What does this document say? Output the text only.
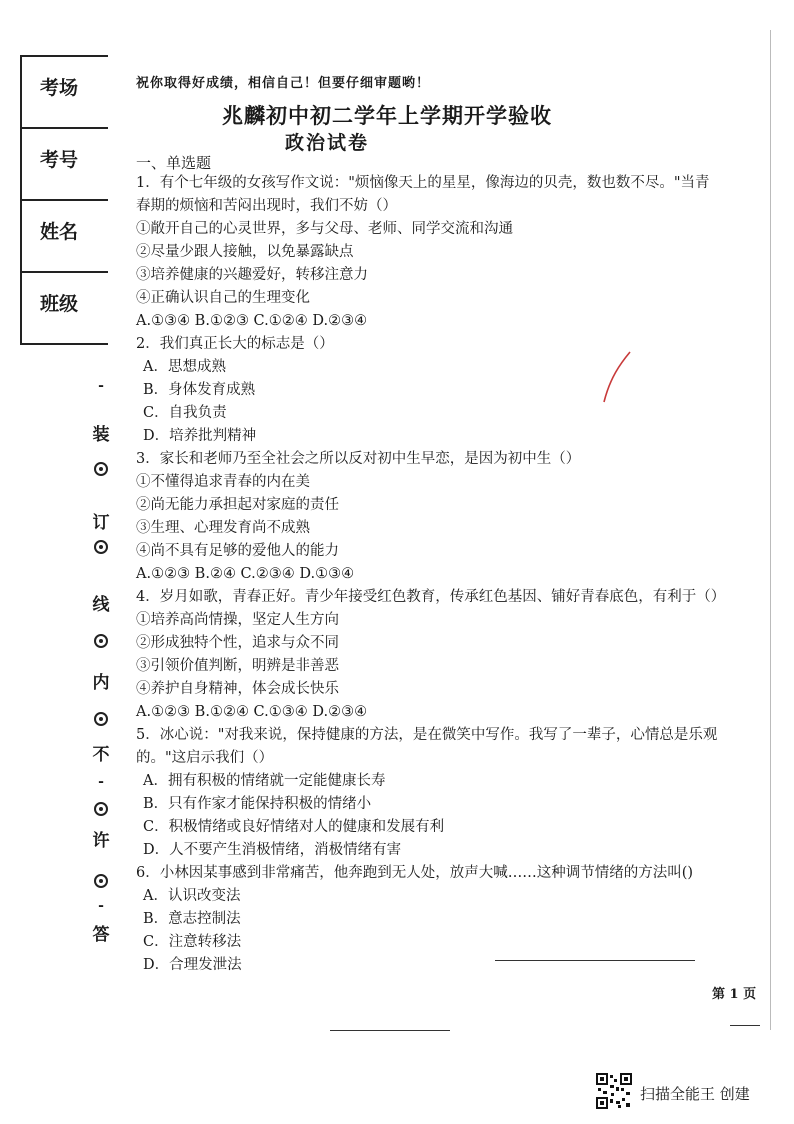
考场
考号
姓名
班级
-
装
订
线
内
不
-
许
-
答
祝你取得好成绩，相信自己！但要仔细审题哟！
兆麟初中初二学年上学期开学验收
政治试卷
一、单选题
1．有个七年级的女孩写作文说："烦恼像天上的星星，像海边的贝壳，数也数不尽。"当青
春期的烦恼和苦闷出现时，我们不妨（）
①敞开自己的心灵世界，多与父母、老师、同学交流和沟通
②尽量少跟人接触，以免暴露缺点
③培养健康的兴趣爱好，转移注意力
④正确认识自己的生理变化
A.①③④ B.①②③ C.①②④ D.②③④
2．我们真正长大的标志是（）
A．思想成熟
B．身体发育成熟
C．自我负责
D．培养批判精神
3．家长和老师乃至全社会之所以反对初中生早恋，是因为初中生（）
①不懂得追求青春的内在美
②尚无能力承担起对家庭的责任
③生理、心理发育尚不成熟
④尚不具有足够的爱他人的能力
A.①②③ B.②④ C.②③④ D.①③④
4．岁月如歌，青春正好。青少年接受红色教育，传承红色基因、铺好青春底色，有利于（）
①培养高尚情操，坚定人生方向
②形成独特个性，追求与众不同
③引领价值判断，明辨是非善恶
④养护自身精神，体会成长快乐
A.①②③ B.①②④ C.①③④ D.②③④
5．冰心说："对我来说，保持健康的方法，是在微笑中写作。我写了一辈子，心情总是乐观
的。"这启示我们（）
A．拥有积极的情绪就一定能健康长寿
B．只有作家才能保持积极的情绪小
C．积极情绪或良好情绪对人的健康和发展有利
D．人不要产生消极情绪，消极情绪有害
6．小林因某事感到非常痛苦，他奔跑到无人处，放声大喊……这种调节情绪的方法叫()
A．认识改变法
B．意志控制法
C．注意转移法
D．合理发泄法
第 1 页
扫描全能王 创建
